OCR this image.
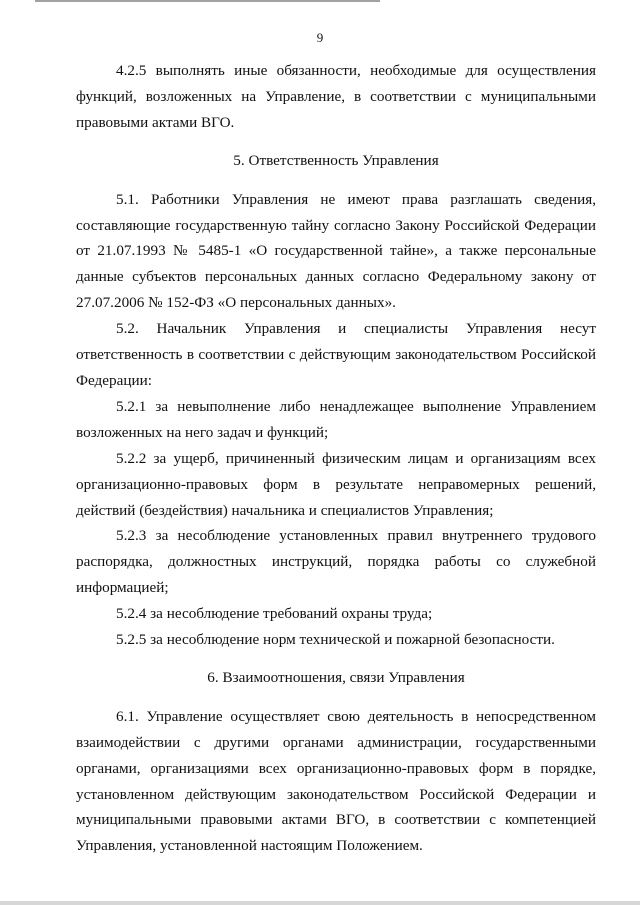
9

4.2.5 выполнять иные обязанности, необходимые для осуществления функций, возложенных на Управление, в соответствии с муниципальными правовыми актами ВГО.

5. Ответственность Управления

5.1. Работники Управления не имеют права разглашать сведения, составляющие государственную тайну согласно Закону Российской Федерации от 21.07.1993 № 5485-1 «О государственной тайне», а также персональные данные субъектов персональных данных согласно Федеральному закону от 27.07.2006 № 152-ФЗ «О персональных данных».

5.2. Начальник Управления и специалисты Управления несут ответственность в соответствии с действующим законодательством Российской Федерации:

5.2.1 за невыполнение либо ненадлежащее выполнение Управлением возложенных на него задач и функций;

5.2.2 за ущерб, причиненный физическим лицам и организациям всех организационно-правовых форм в результате неправомерных решений, действий (бездействия) начальника и специалистов Управления;

5.2.3 за несоблюдение установленных правил внутреннего трудового распорядка, должностных инструкций, порядка работы со служебной информацией;

5.2.4 за несоблюдение требований охраны труда;

5.2.5 за несоблюдение норм технической и пожарной безопасности.

6. Взаимоотношения, связи Управления

6.1. Управление осуществляет свою деятельность в непосредственном взаимодействии с другими органами администрации, государственными органами, организациями всех организационно-правовых форм в порядке, установленном действующим законодательством Российской Федерации и муниципальными правовыми актами ВГО, в соответствии с компетенцией Управления, установленной настоящим Положением.
